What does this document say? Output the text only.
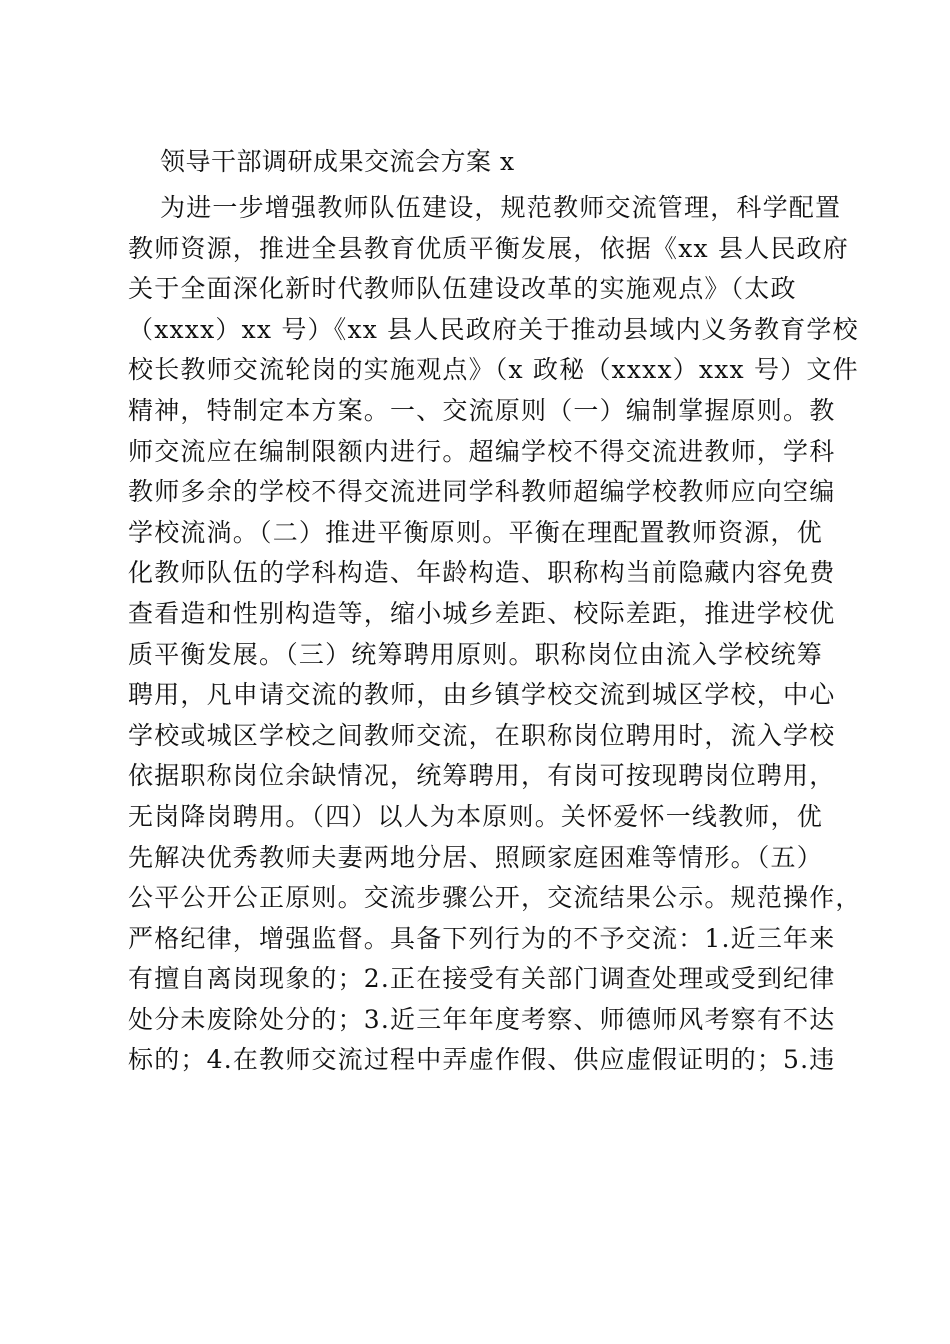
领导干部调研成果交流会方案 x
为进一步增强教师队伍建设，规范教师交流管理，科学配置
教师资源，推进全县教育优质平衡发展，依据《xx 县人民政府
关于全面深化新时代教师队伍建设改革的实施观点》（太政
（xxxx）xx 号）《xx 县人民政府关于推动县域内义务教育学校
校长教师交流轮岗的实施观点》（x 政秘（xxxx）xxx 号）文件
精神，特制定本方案。一、交流原则（一）编制掌握原则。教
师交流应在编制限额内进行。超编学校不得交流进教师，学科
教师多余的学校不得交流进同学科教师超编学校教师应向空编
学校流淌。（二）推进平衡原则。平衡在理配置教师资源，优
化教师队伍的学科构造、年龄构造、职称构当前隐藏内容免费
查看造和性别构造等，缩小城乡差距、校际差距，推进学校优
质平衡发展。（三）统筹聘用原则。职称岗位由流入学校统筹
聘用，凡申请交流的教师，由乡镇学校交流到城区学校，中心
学校或城区学校之间教师交流，在职称岗位聘用时，流入学校
依据职称岗位余缺情况，统筹聘用，有岗可按现聘岗位聘用，
无岗降岗聘用。（四）以人为本原则。关怀爱怀一线教师，优
先解决优秀教师夫妻两地分居、照顾家庭困难等情形。（五）
公平公开公正原则。交流步骤公开，交流结果公示。规范操作，
严格纪律，增强监督。具备下列行为的不予交流：1.近三年来
有擅自离岗现象的；2.正在接受有关部门调查处理或受到纪律
处分未废除处分的；3.近三年年度考察、师德师风考察有不达
标的；4.在教师交流过程中弄虚作假、供应虚假证明的；5.违
